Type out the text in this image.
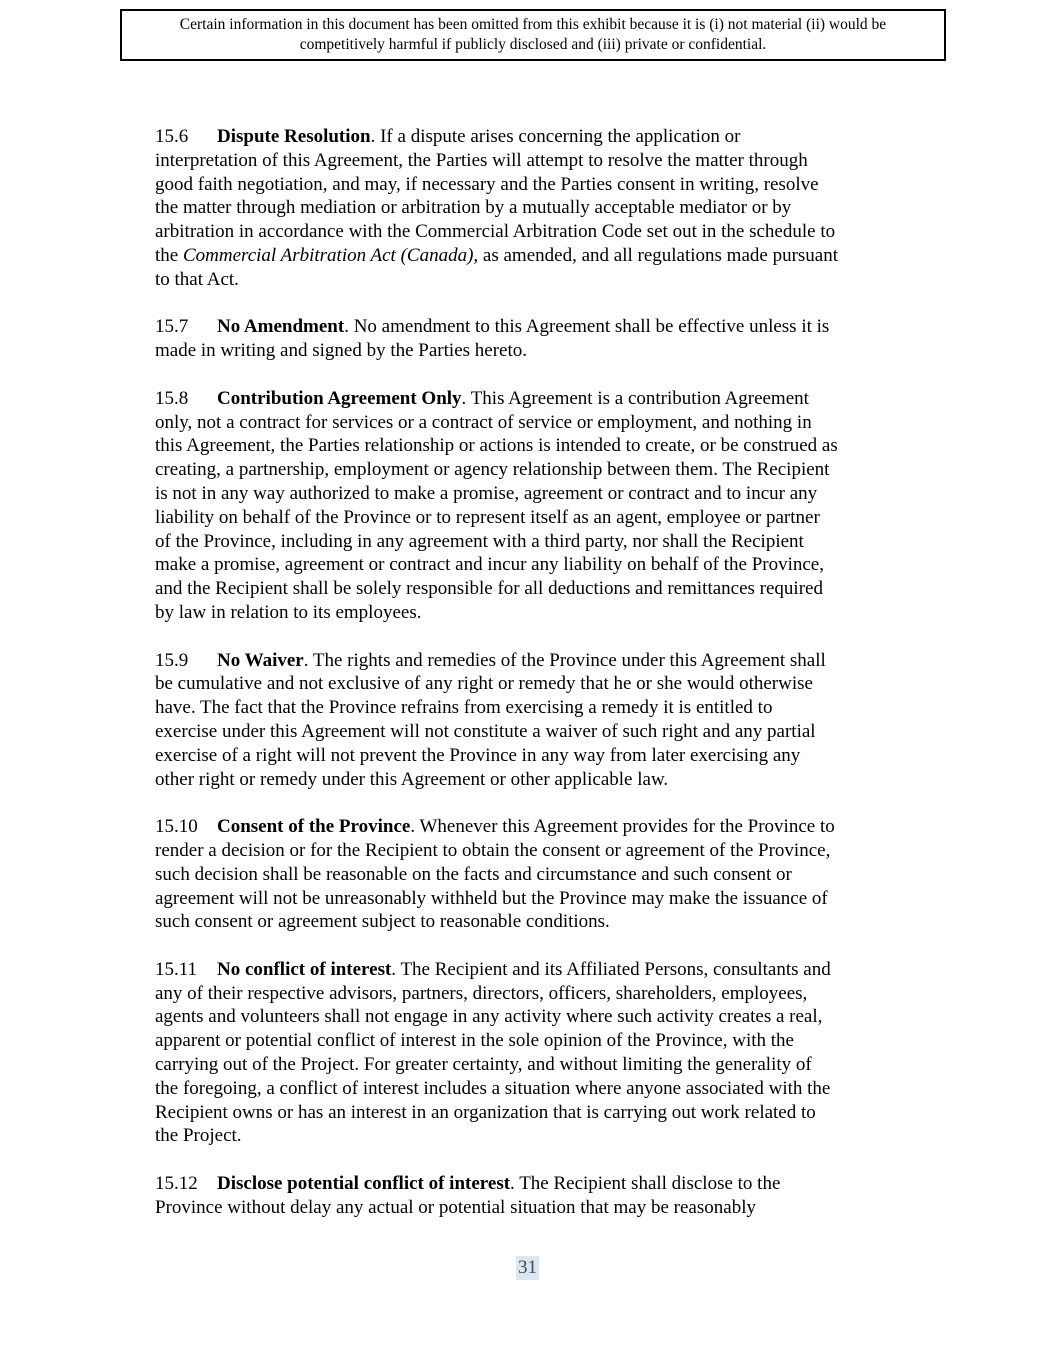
Certain information in this document has been omitted from this exhibit because it is (i) not material (ii) would be
competitively harmful if publicly disclosed and (iii) private or confidential.
15.6 Dispute Resolution. If a dispute arises concerning the application or
interpretation of this Agreement, the Parties will attempt to resolve the matter through
good faith negotiation, and may, if necessary and the Parties consent in writing, resolve
the matter through mediation or arbitration by a mutually acceptable mediator or by
arbitration in accordance with the Commercial Arbitration Code set out in the schedule to
the Commercial Arbitration Act (Canada), as amended, and all regulations made pursuant
to that Act.
15.7 No Amendment. No amendment to this Agreement shall be effective unless it is
made in writing and signed by the Parties hereto.
15.8 Contribution Agreement Only. This Agreement is a contribution Agreement
only, not a contract for services or a contract of service or employment, and nothing in
this Agreement, the Parties relationship or actions is intended to create, or be construed as
creating, a partnership, employment or agency relationship between them. The Recipient
is not in any way authorized to make a promise, agreement or contract and to incur any
liability on behalf of the Province or to represent itself as an agent, employee or partner
of the Province, including in any agreement with a third party, nor shall the Recipient
make a promise, agreement or contract and incur any liability on behalf of the Province,
and the Recipient shall be solely responsible for all deductions and remittances required
by law in relation to its employees.
15.9 No Waiver. The rights and remedies of the Province under this Agreement shall
be cumulative and not exclusive of any right or remedy that he or she would otherwise
have. The fact that the Province refrains from exercising a remedy it is entitled to
exercise under this Agreement will not constitute a waiver of such right and any partial
exercise of a right will not prevent the Province in any way from later exercising any
other right or remedy under this Agreement or other applicable law.
15.10 Consent of the Province. Whenever this Agreement provides for the Province to
render a decision or for the Recipient to obtain the consent or agreement of the Province,
such decision shall be reasonable on the facts and circumstance and such consent or
agreement will not be unreasonably withheld but the Province may make the issuance of
such consent or agreement subject to reasonable conditions.
15.11 No conflict of interest. The Recipient and its Affiliated Persons, consultants and
any of their respective advisors, partners, directors, officers, shareholders, employees,
agents and volunteers shall not engage in any activity where such activity creates a real,
apparent or potential conflict of interest in the sole opinion of the Province, with the
carrying out of the Project. For greater certainty, and without limiting the generality of
the foregoing, a conflict of interest includes a situation where anyone associated with the
Recipient owns or has an interest in an organization that is carrying out work related to
the Project.
15.12 Disclose potential conflict of interest. The Recipient shall disclose to the
Province without delay any actual or potential situation that may be reasonably
31
